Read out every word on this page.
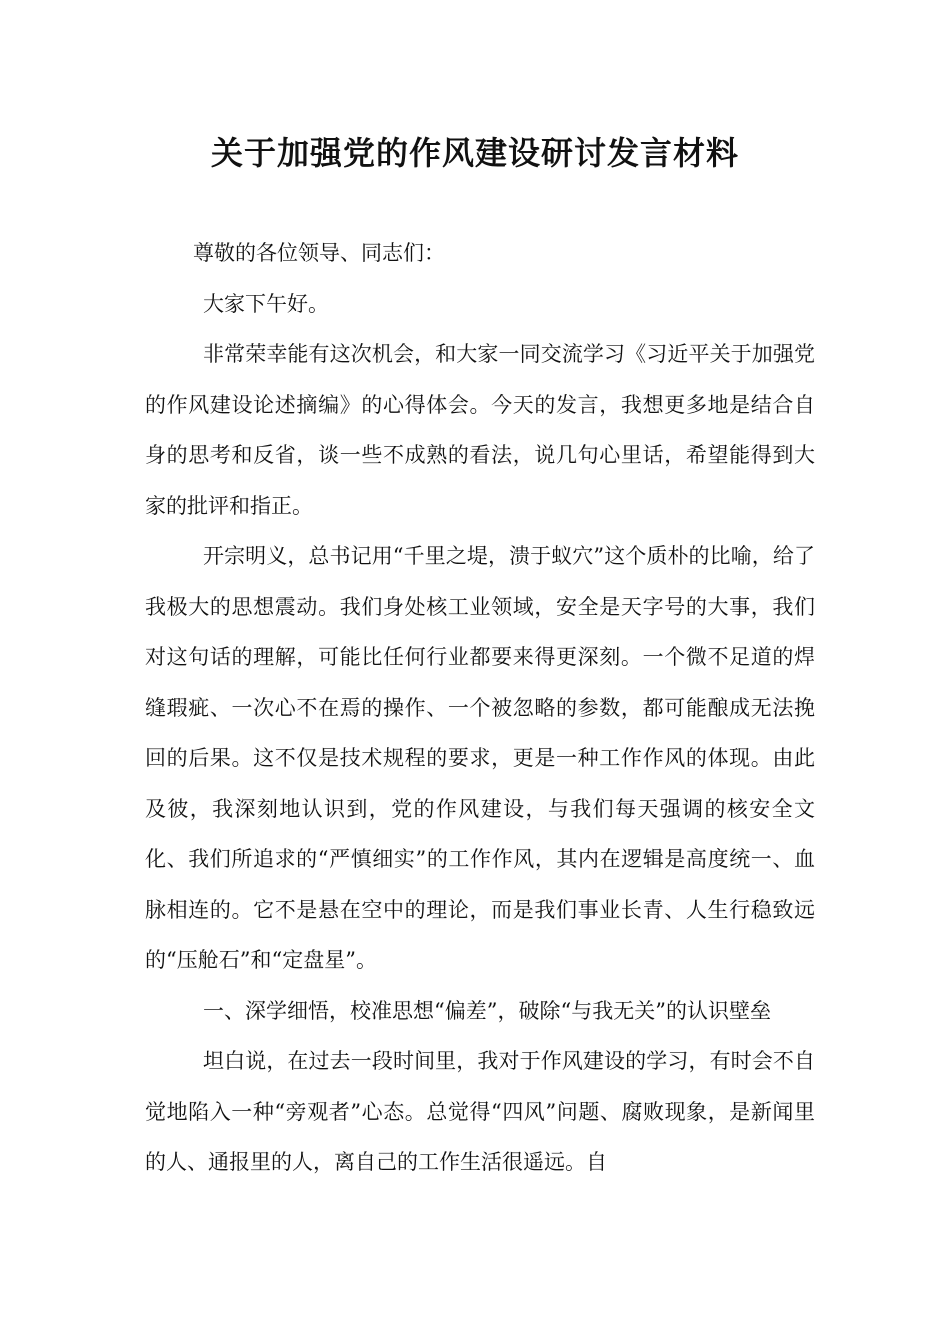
关于加强党的作风建设研讨发言材料

尊敬的各位领导、同志们：

大家下午好。

非常荣幸能有这次机会，和大家一同交流学习《习近平关于加强党的作风建设论述摘编》的心得体会。今天的发言，我想更多地是结合自身的思考和反省，谈一些不成熟的看法，说几句心里话，希望能得到大家的批评和指正。

开宗明义，总书记用“千里之堤，溃于蚁穴”这个质朴的比喻，给了我极大的思想震动。我们身处核工业领域，安全是天字号的大事，我们对这句话的理解，可能比任何行业都要来得更深刻。一个微不足道的焊缝瑕疵、一次心不在焉的操作、一个被忽略的参数，都可能酿成无法挽回的后果。这不仅是技术规程的要求，更是一种工作作风的体现。由此及彼，我深刻地认识到，党的作风建设，与我们每天强调的核安全文化、我们所追求的“严慎细实”的工作作风，其内在逻辑是高度统一、血脉相连的。它不是悬在空中的理论，而是我们事业长青、人生行稳致远的“压舱石”和“定盘星”。

一、深学细悟，校准思想“偏差”，破除“与我无关”的认识壁垒

坦白说，在过去一段时间里，我对于作风建设的学习，有时会不自觉地陷入一种“旁观者”心态。总觉得“四风”问题、腐败现象，是新闻里的人、通报里的人，离自己的工作生活很遥远。自
